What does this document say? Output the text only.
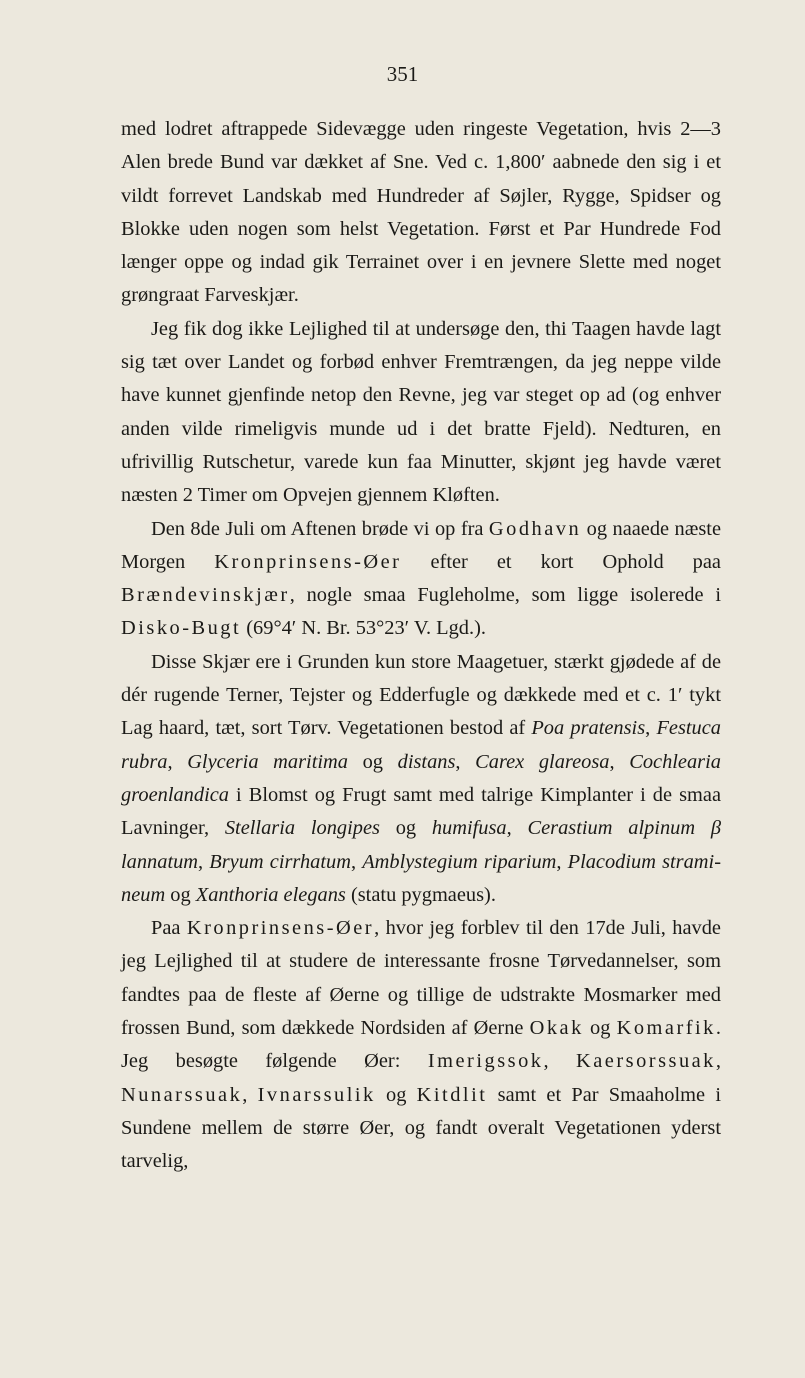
351

med lodret aftrappede Sidevægge uden ringeste Vegetation, hvis 2—3 Alen brede Bund var dækket af Sne. Ved c. 1,800′ aabnede den sig i et vildt forrevet Landskab med Hundreder af Søjler, Rygge, Spidser og Blokke uden nogen som helst Vegetation. Først et Par Hundrede Fod længer oppe og indad gik Terrainet over i en jevnere Slette med noget grøngraat Farveskjær.

Jeg fik dog ikke Lejlighed til at undersøge den, thi Taagen havde lagt sig tæt over Landet og forbød enhver Fremtrængen, da jeg neppe vilde have kunnet gjenfinde netop den Revne, jeg var steget op ad (og enhver anden vilde rimeligvis munde ud i det bratte Fjeld). Nedturen, en ufrivillig Rutschetur, varede kun faa Minutter, skjønt jeg havde været næsten 2 Timer om Opvejen gjennem Kløften.

Den 8de Juli om Aftenen brøde vi op fra Godhavn og naaede næste Morgen Kronprinsens-Øer efter et kort Ophold paa Brændevinskjær, nogle smaa Fugleholme, som ligge isolerede i Disko-Bugt (69°4′ N. Br. 53°23′ V. Lgd.).

Disse Skjær ere i Grunden kun store Maagetuer, stærkt gjødede af de dér rugende Terner, Tejster og Edderfugle og dækkede med et c. 1′ tykt Lag haard, tæt, sort Tørv. Vegetationen bestod af Poa pratensis, Festuca rubra, Glyceria maritima og distans, Carex glareosa, Cochlearia groenlandica i Blomst og Frugt samt med talrige Kimplanter i de smaa Lavninger, Stellaria longipes og humifusa, Cerastium alpinum β lannatum, Bryum cirrhatum, Amblystegium riparium, Placodium stramineum og Xanthoria elegans (statu pygmaeus).

Paa Kronprinsens-Øer, hvor jeg forblev til den 17de Juli, havde jeg Lejlighed til at studere de interessante frosne Tørvedannelser, som fandtes paa de fleste af Øerne og tillige de udstrakte Mosmarker med frossen Bund, som dækkede Nordsiden af Øerne Okak og Komarfik. Jeg besøgte følgende Øer: Imerigssok, Kaersorssuak, Nunarssuak, Ivnarssulik og Kitdlit samt et Par Smaaholme i Sundene mellem de større Øer, og fandt overalt Vegetationen yderst tarvelig,
